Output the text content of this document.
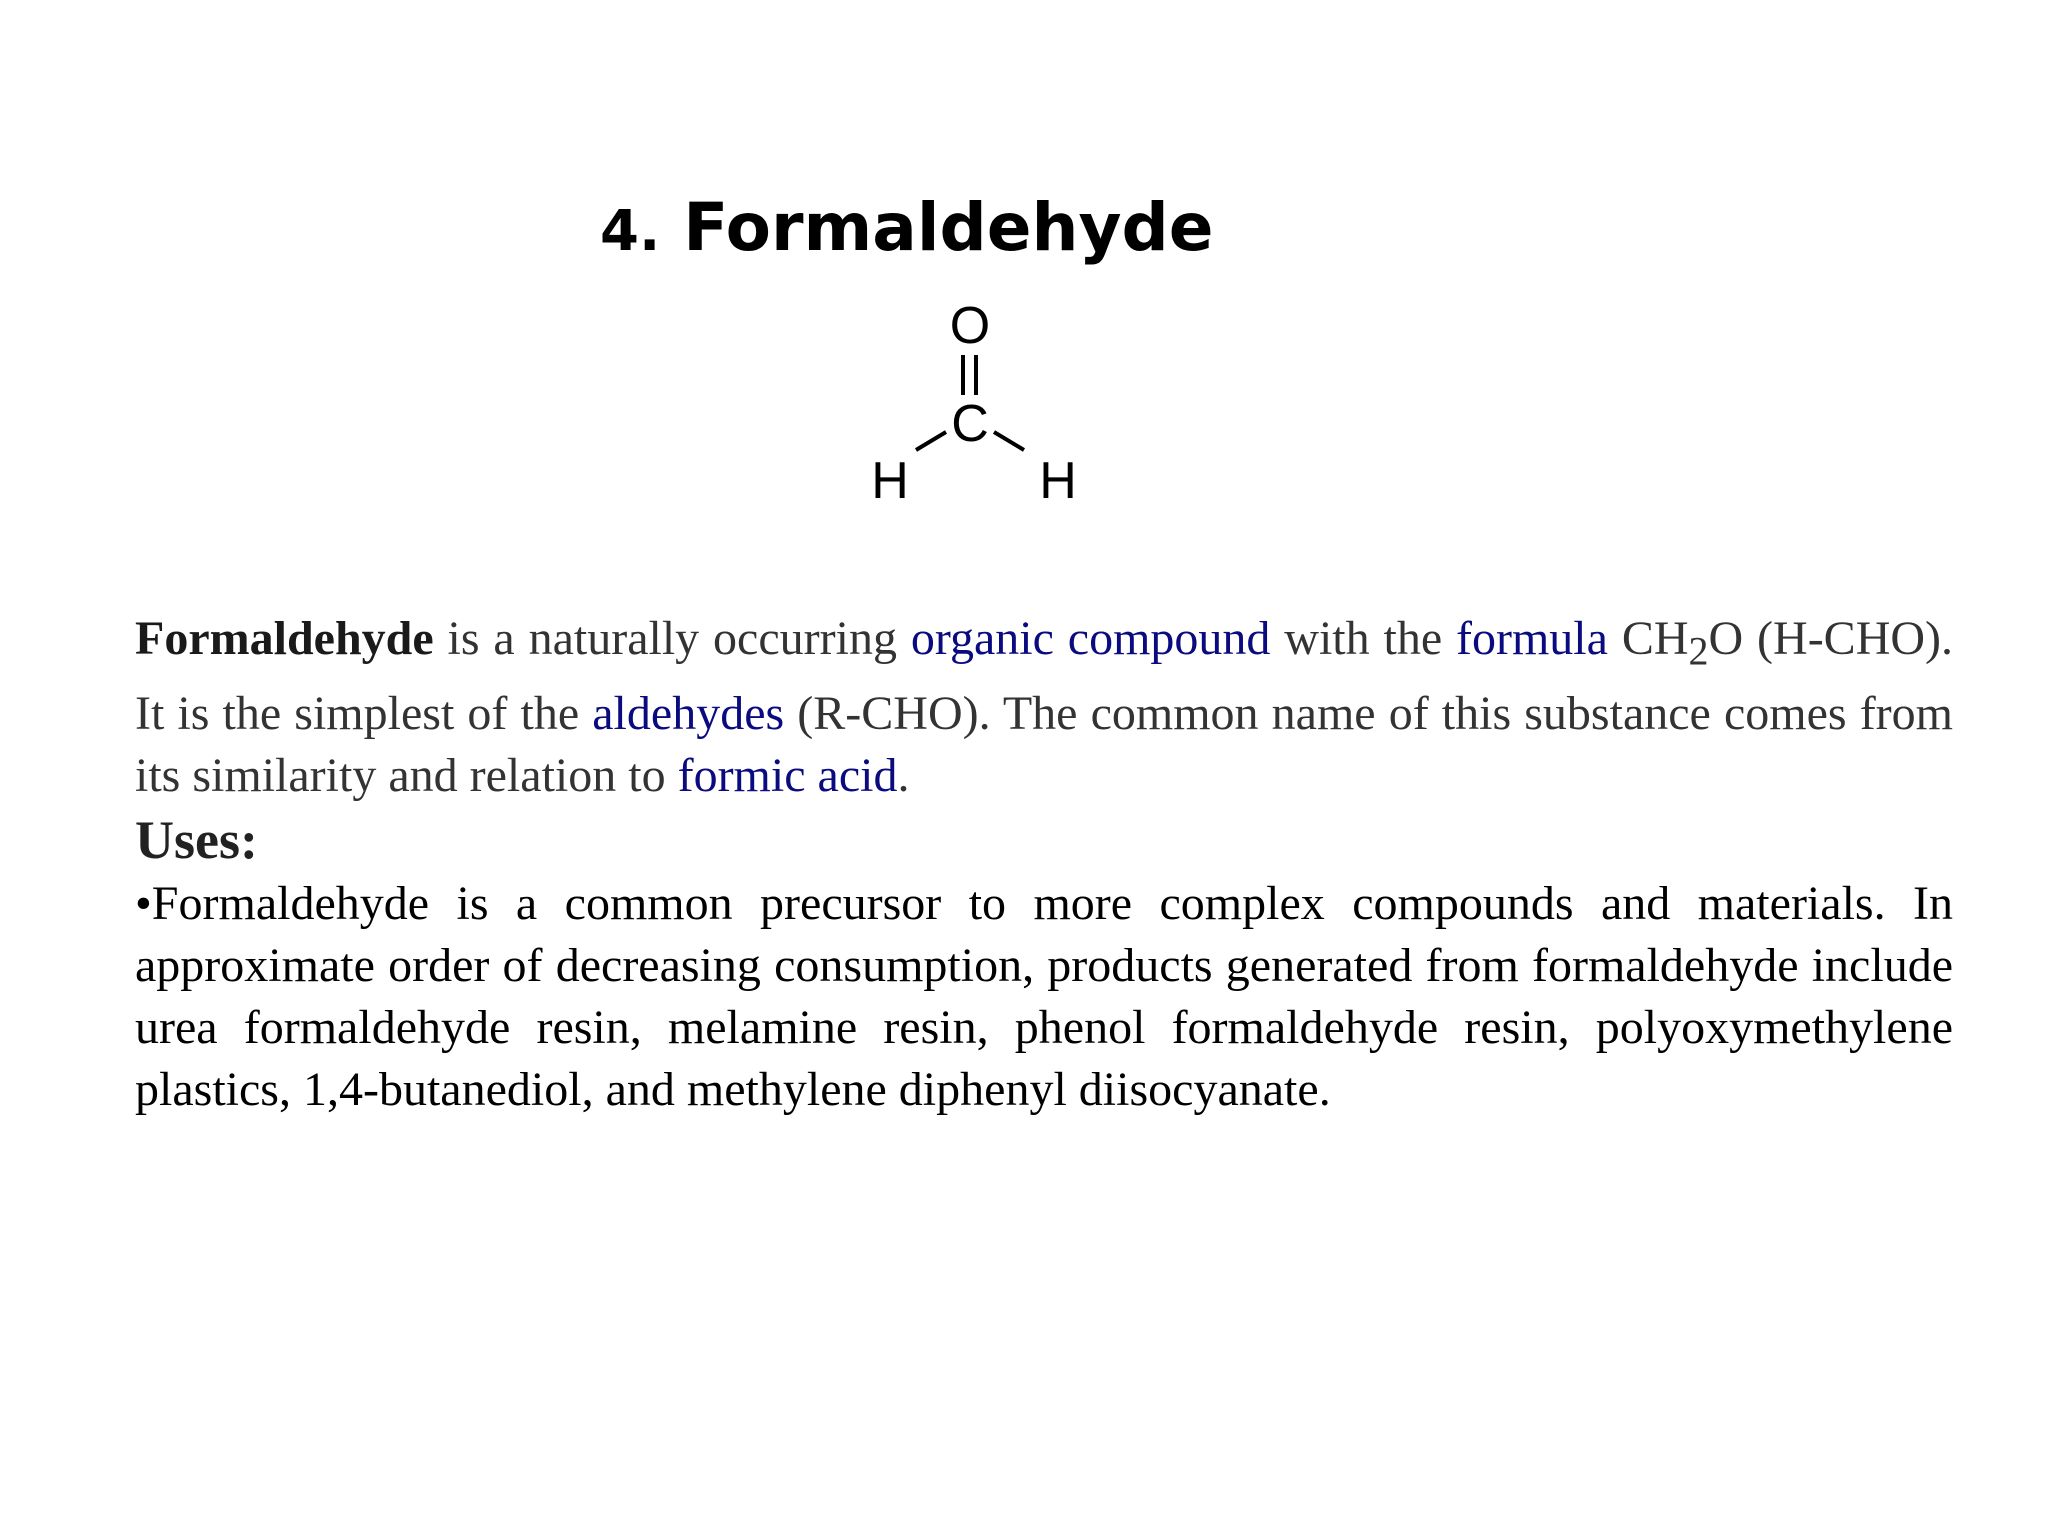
4. Formaldehyde
O
C
H	H

Formaldehyde is a naturally occurring organic compound with the formula $CH_2O$ (H-CHO). It is the simplest of the aldehydes (R-CHO). The common name of this substance comes from its similarity and relation to formic acid.

Uses:

•Formaldehyde is a common precursor to more complex compounds and materials. In approximate order of decreasing consumption, products generated from formaldehyde include urea formaldehyde resin, melamine resin, phenol formaldehyde resin, polyoxymethylene plastics, 1,4-butanediol, and methylene diphenyl diisocyanate.
